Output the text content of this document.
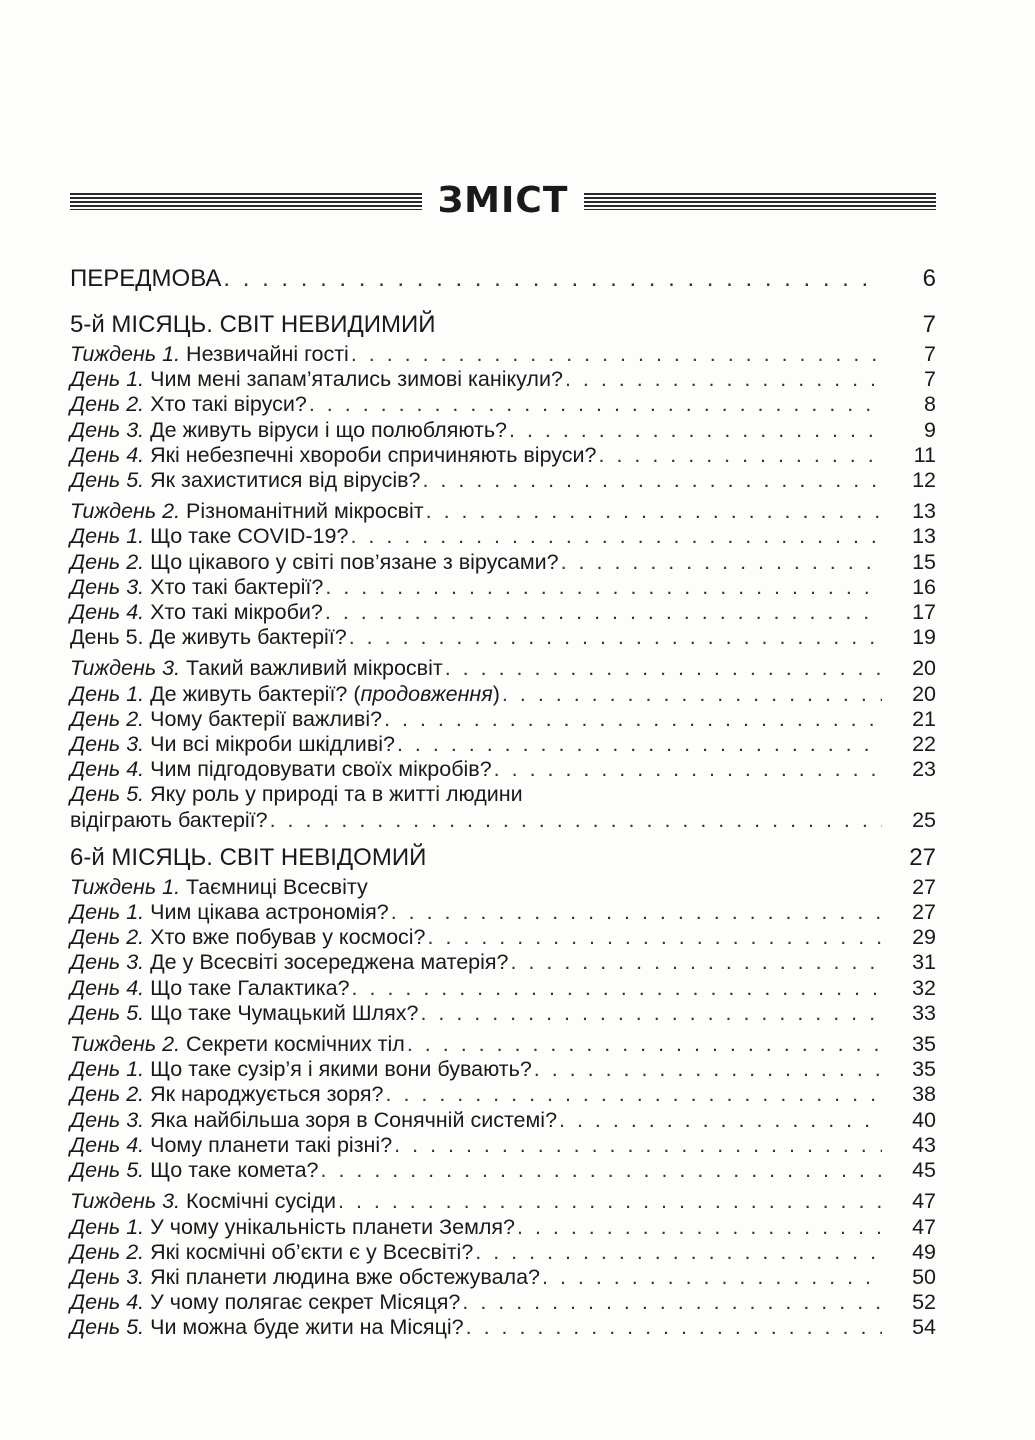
ЗМІСТ
ПЕРЕДМОВА . . .	6
5-й МІСЯЦЬ. СВІТ НЕВИДИМИЙ	7
Тиждень 1. Незвичайні гості . . .	7
День 1. Чим мені запам’ятались зимові канікули? . . .	7
День 2. Хто такі віруси? . . .	8
День 3. Де живуть віруси і що полюбляють? . . .	9
День 4. Які небезпечні хвороби спричиняють віруси? . . .	11
День 5. Як захиститися від вірусів? . . .	12
Тиждень 2. Різноманітний мікросвіт . . .	13
День 1. Що таке COVID-19? . . .	13
День 2. Що цікавого у світі пов’язане з вірусами? . . .	15
День 3. Хто такі бактерії? . . .	16
День 4. Хто такі мікроби? . . .	17
День 5. Де живуть бактерії? . . .	19
Тиждень 3. Такий важливий мікросвіт . . .	20
День 1. Де живуть бактерії? (продовження) . . .	20
День 2. Чому бактерії важливі? . . .	21
День 3. Чи всі мікроби шкідливі? . . .	22
День 4. Чим підгодовувати своїх мікробів? . . .	23
День 5. Яку роль у природі та в житті людини
відіграють бактерії? . . .	25
6-й МІСЯЦЬ. СВІТ НЕВІДОМИЙ	27
Тиждень 1. Таємниці Всесвіту	27
День 1. Чим цікава астрономія? . . .	27
День 2. Хто вже побував у космосі? . . .	29
День 3. Де у Всесвіті зосереджена матерія? . . .	31
День 4. Що таке Галактика? . . .	32
День 5. Що таке Чумацький Шлях? . . .	33
Тиждень 2. Секрети космічних тіл . . .	35
День 1. Що таке сузір’я і якими вони бувають? . . .	35
День 2. Як народжується зоря? . . .	38
День 3. Яка найбільша зоря в Сонячній системі? . . .	40
День 4. Чому планети такі різні? . . .	43
День 5. Що таке комета? . . .	45
Тиждень 3. Космічні сусіди . . .	47
День 1. У чому унікальність планети Земля? . . .	47
День 2. Які космічні об’єкти є у Всесвіті? . . .	49
День 3. Які планети людина вже обстежувала? . . .	50
День 4. У чому полягає секрет Місяця? . . .	52
День 5. Чи можна буде жити на Місяці? . . .	54
